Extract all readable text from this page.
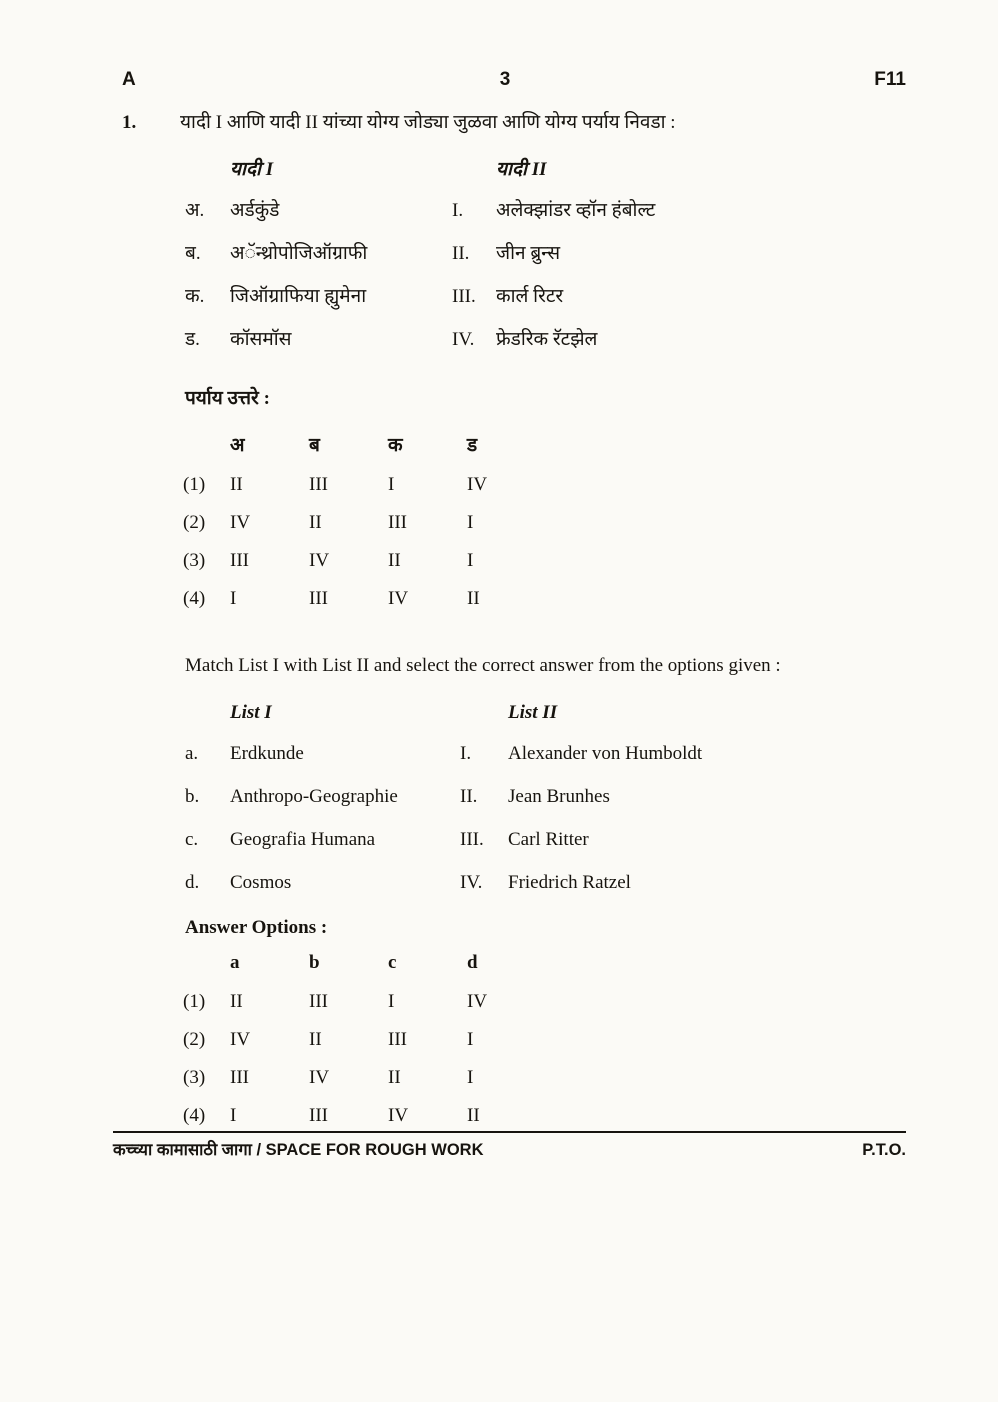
A	3	F11
1.	यादी I आणि यादी II यांच्या योग्य जोड्या जुळवा आणि योग्य पर्याय निवडा :
यादी I	यादी II
अ.	अर्डकुंडे	I.	अलेक्झांडर व्हॉन हंबोल्ट
ब.	अॅन्थ्रोपोजिऑग्राफी	II.	जीन ब्रुन्स
क.	जिऑग्राफिया ह्युमेना	III.	कार्ल रिटर
ड.	कॉसमॉस	IV.	फ्रेडरिक रॅटझेल
पर्याय उत्तरे :
अ	ब	क	ड
(1)	II	III	I	IV
(2)	IV	II	III	I
(3)	III	IV	II	I
(4)	I	III	IV	II
Match List I with List II and select the correct answer from the options given :
List I	List II
a.	Erdkunde	I.	Alexander von Humboldt
b.	Anthropo-Geographie	II.	Jean Brunhes
c.	Geografia Humana	III.	Carl Ritter
d.	Cosmos	IV.	Friedrich Ratzel
Answer Options :
a	b	c	d
(1)	II	III	I	IV
(2)	IV	II	III	I
(3)	III	IV	II	I
(4)	I	III	IV	II
कच्च्या कामासाठी जागा / SPACE FOR ROUGH WORK	P.T.O.
